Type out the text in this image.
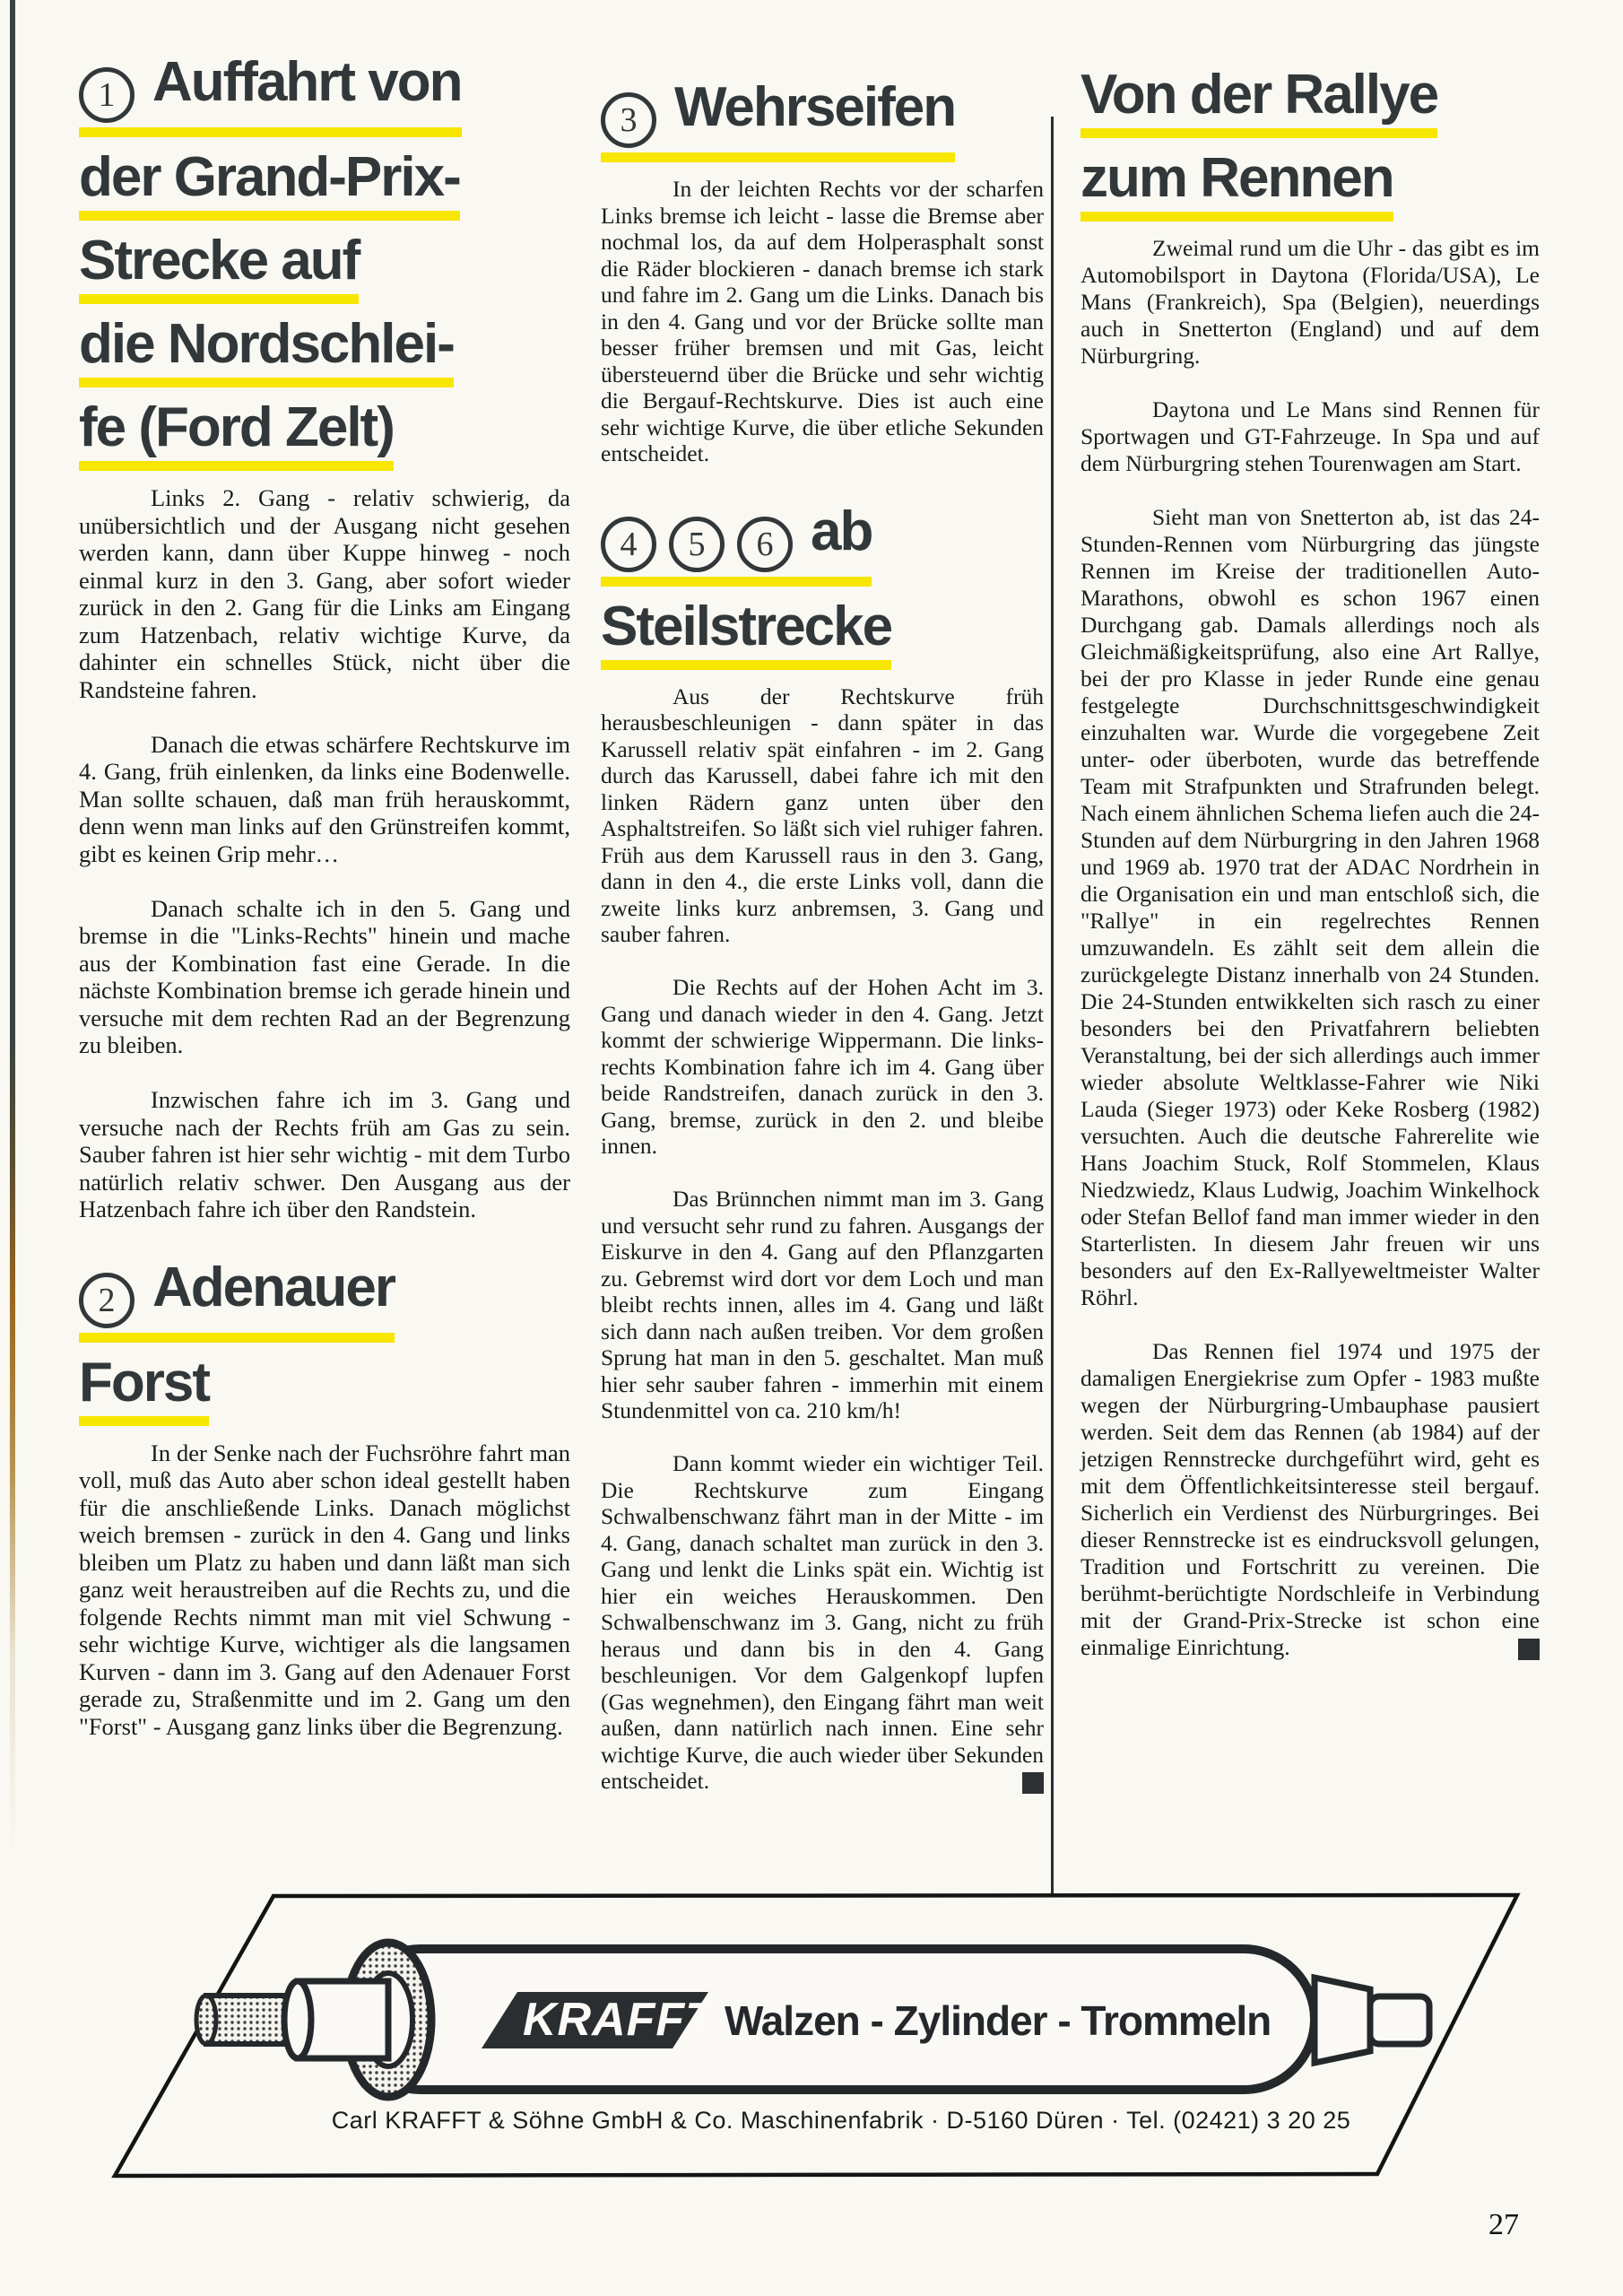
1 Auffahrt von
der Grand-Prix-
Strecke auf
die Nordschlei-
fe (Ford Zelt)

Links 2. Gang - relativ schwierig, da unübersichtlich und der Ausgang nicht gesehen werden kann, dann über Kuppe hinweg - noch einmal kurz in den 3. Gang, aber sofort wieder zurück in den 2. Gang für die Links am Eingang zum Hatzenbach, relativ wichtige Kurve, da dahinter ein schnelles Stück, nicht über die Randsteine fahren.

Danach die etwas schärfere Rechtskurve im 4. Gang, früh einlenken, da links eine Bodenwelle. Man sollte schauen, daß man früh herauskommt, denn wenn man links auf den Grünstreifen kommt, gibt es keinen Grip mehr…

Danach schalte ich in den 5. Gang und bremse in die "Links-Rechts" hinein und mache aus der Kombination fast eine Gerade. In die nächste Kombination bremse ich gerade hinein und versuche mit dem rechten Rad an der Begrenzung zu bleiben.

Inzwischen fahre ich im 3. Gang und versuche nach der Rechts früh am Gas zu sein. Sauber fahren ist hier sehr wichtig - mit dem Turbo natürlich relativ schwer. Den Ausgang aus der Hatzenbach fahre ich über den Randstein.

2 Adenauer
Forst

In der Senke nach der Fuchsröhre fahrt man voll, muß das Auto aber schon ideal gestellt haben für die anschließende Links. Danach möglichst weich bremsen - zurück in den 4. Gang und links bleiben um Platz zu haben und dann läßt man sich ganz weit heraustreiben auf die Rechts zu, und die folgende Rechts nimmt man mit viel Schwung - sehr wichtige Kurve, wichtiger als die langsamen Kurven - dann im 3. Gang auf den Adenauer Forst gerade zu, Straßenmitte und im 2. Gang um den "Forst" - Ausgang ganz links über die Begrenzung.

3 Wehrseifen

In der leichten Rechts vor der scharfen Links bremse ich leicht - lasse die Bremse aber nochmal los, da auf dem Holperasphalt sonst die Räder blockieren - danach bremse ich stark und fahre im 2. Gang um die Links. Danach bis in den 4. Gang und vor der Brücke sollte man besser früher bremsen und mit Gas, leicht übersteuernd über die Brücke und sehr wichtig die Bergauf-Rechtskurve. Dies ist auch eine sehr wichtige Kurve, die über etliche Sekunden entscheidet.

4 5 6 ab
Steilstrecke

Aus der Rechtskurve früh herausbeschleunigen - dann später in das Karussell relativ spät einfahren - im 2. Gang durch das Karussell, dabei fahre ich mit den linken Rädern ganz unten über den Asphaltstreifen. So läßt sich viel ruhiger fahren. Früh aus dem Karussell raus in den 3. Gang, dann in den 4., die erste Links voll, dann die zweite links kurz anbremsen, 3. Gang und sauber fahren.

Die Rechts auf der Hohen Acht im 3. Gang und danach wieder in den 4. Gang. Jetzt kommt der schwierige Wippermann. Die links-rechts Kombination fahre ich im 4. Gang über beide Randstreifen, danach zurück in den 3. Gang, bremse, zurück in den 2. und bleibe innen.

Das Brünnchen nimmt man im 3. Gang und versucht sehr rund zu fahren. Ausgangs der Eiskurve in den 4. Gang auf den Pflanzgarten zu. Gebremst wird dort vor dem Loch und man bleibt rechts innen, alles im 4. Gang und läßt sich dann nach außen treiben. Vor dem großen Sprung hat man in den 5. geschaltet. Man muß hier sehr sauber fahren - immerhin mit einem Stundenmittel von ca. 210 km/h!

Dann kommt wieder ein wichtiger Teil. Die Rechtskurve zum Eingang Schwalbenschwanz fährt man in der Mitte - im 4. Gang, danach schaltet man zurück in den 3. Gang und lenkt die Links spät ein. Wichtig ist hier ein weiches Herauskommen. Den Schwalbenschwanz im 3. Gang, nicht zu früh heraus und dann bis in den 4. Gang beschleunigen. Vor dem Galgenkopf lupfen (Gas wegnehmen), den Eingang fährt man weit außen, dann natürlich nach innen. Eine sehr wichtige Kurve, die auch wieder über Sekunden entscheidet.

Von der Rallye
zum Rennen

Zweimal rund um die Uhr - das gibt es im Automobilsport in Daytona (Florida/USA), Le Mans (Frankreich), Spa (Belgien), neuerdings auch in Snetterton (England) und auf dem Nürburgring.

Daytona und Le Mans sind Rennen für Sportwagen und GT-Fahrzeuge. In Spa und auf dem Nürburgring stehen Tourenwagen am Start.

Sieht man von Snetterton ab, ist das 24-Stunden-Rennen vom Nürburgring das jüngste Rennen im Kreise der traditionellen Auto-Marathons, obwohl es schon 1967 einen Durchgang gab. Damals allerdings noch als Gleichmäßigkeitsprüfung, also eine Art Rallye, bei der pro Klasse in jeder Runde eine genau festgelegte Durchschnittsgeschwindigkeit einzuhalten war. Wurde die vorgegebene Zeit unter- oder überboten, wurde das betreffende Team mit Strafpunkten und Strafrunden belegt. Nach einem ähnlichen Schema liefen auch die 24-Stunden auf dem Nürburgring in den Jahren 1968 und 1969 ab. 1970 trat der ADAC Nordrhein in die Organisation ein und man entschloß sich, die "Rallye" in ein regelrechtes Rennen umzuwandeln. Es zählt seit dem allein die zurückgelegte Distanz innerhalb von 24 Stunden. Die 24-Stunden entwikkelten sich rasch zu einer besonders bei den Privatfahrern beliebten Veranstaltung, bei der sich allerdings auch immer wieder absolute Weltklasse-Fahrer wie Niki Lauda (Sieger 1973) oder Keke Rosberg (1982) versuchten. Auch die deutsche Fahrerelite wie Hans Joachim Stuck, Rolf Stommelen, Klaus Niedzwiedz, Klaus Ludwig, Joachim Winkelhock oder Stefan Bellof fand man immer wieder in den Starterlisten. In diesem Jahr freuen wir uns besonders auf den Ex-Rallyeweltmeister Walter Röhrl.

Das Rennen fiel 1974 und 1975 der damaligen Energiekrise zum Opfer - 1983 mußte wegen der Nürburgring-Umbauphase pausiert werden. Seit dem das Rennen (ab 1984) auf der jetzigen Rennstrecke durchgeführt wird, geht es mit dem Öffentlichkeitsinteresse steil bergauf. Sicherlich ein Verdienst des Nürburgringes. Bei dieser Rennstrecke ist es eindrucksvoll gelungen, Tradition und Fortschritt zu vereinen. Die berühmt-berüchtigte Nordschleife in Verbindung mit der Grand-Prix-Strecke ist schon eine einmalige Einrichtung.

KRAFFT Walzen - Zylinder - Trommeln
Carl KRAFFT & Söhne GmbH & Co. Maschinenfabrik · D-5160 Düren · Tel. (02421) 3 20 25
27
